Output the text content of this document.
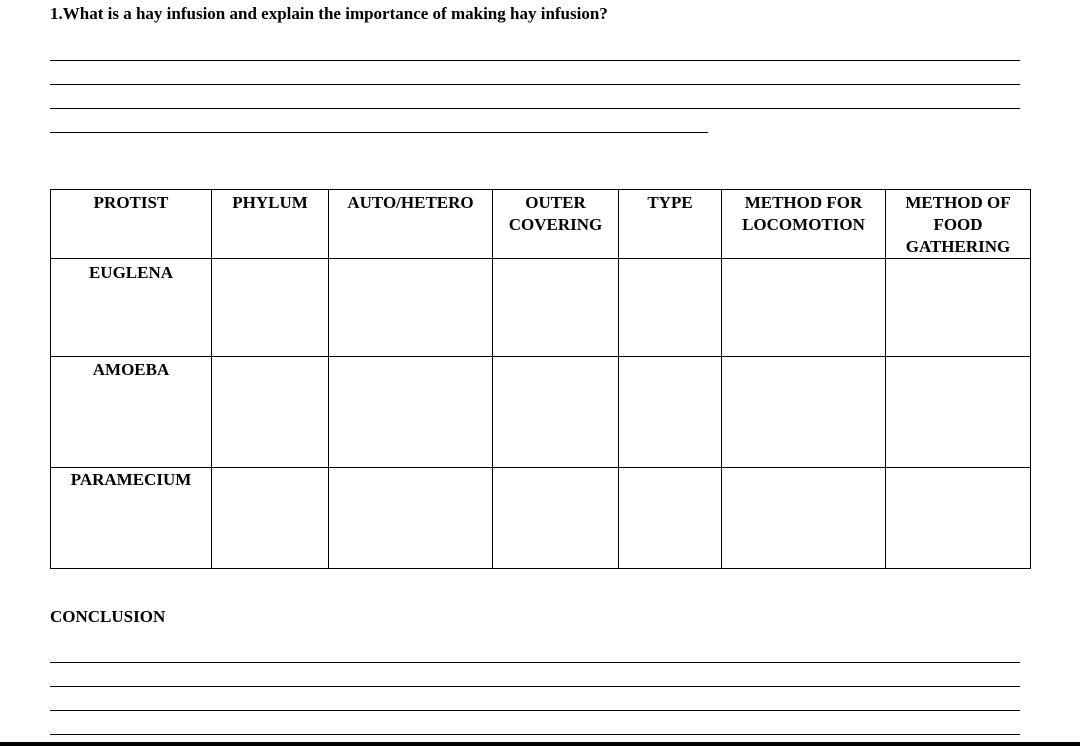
1.What is a hay infusion and explain the importance of making hay infusion?
PROTIST	PHYLUM	AUTO/HETERO	OUTER COVERING	TYPE	METHOD FOR LOCOMOTION	METHOD OF FOOD GATHERING
EUGLENA						
AMOEBA						
PARAMECIUM						
CONCLUSION
